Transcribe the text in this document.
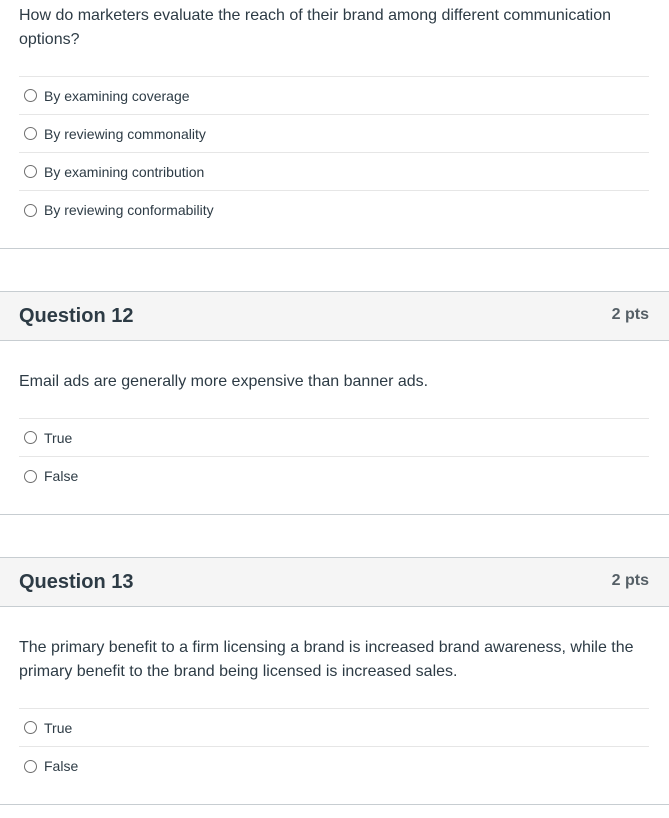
How do marketers evaluate the reach of their brand among different communication options?

By examining coverage
By reviewing commonality
By examining contribution
By reviewing conformability
Question 12	2 pts

Email ads are generally more expensive than banner ads.

True
False
Question 13	2 pts

The primary benefit to a firm licensing a brand is increased brand awareness, while the primary benefit to the brand being licensed is increased sales.

True
False
